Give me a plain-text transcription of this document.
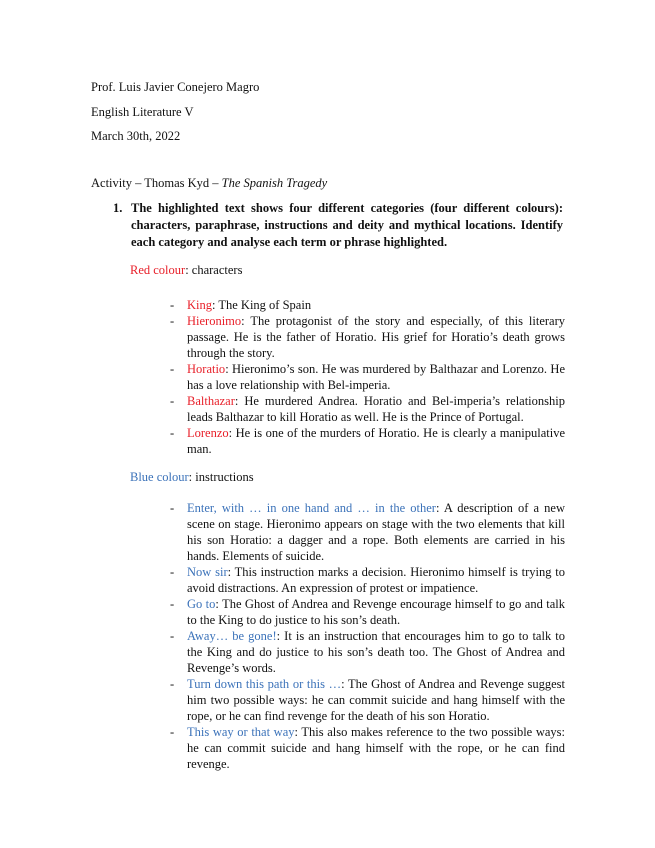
Prof. Luis Javier Conejero Magro
English Literature V
March 30th, 2022
Activity – Thomas Kyd – The Spanish Tragedy
1. The highlighted text shows four different categories (four different colours): characters, paraphrase, instructions and deity and mythical locations. Identify each category and analyse each term or phrase highlighted.
Red colour: characters
- King: The King of Spain
- Hieronimo: The protagonist of the story and especially, of this literary passage. He is the father of Horatio. His grief for Horatio’s death grows through the story.
- Horatio: Hieronimo’s son. He was murdered by Balthazar and Lorenzo. He has a love relationship with Bel-imperia.
- Balthazar: He murdered Andrea. Horatio and Bel-imperia’s relationship leads Balthazar to kill Horatio as well. He is the Prince of Portugal.
- Lorenzo: He is one of the murders of Horatio. He is clearly a manipulative man.
Blue colour: instructions
- Enter, with … in one hand and … in the other: A description of a new scene on stage. Hieronimo appears on stage with the two elements that kill his son Horatio: a dagger and a rope. Both elements are carried in his hands. Elements of suicide.
- Now sir: This instruction marks a decision. Hieronimo himself is trying to avoid distractions. An expression of protest or impatience.
- Go to: The Ghost of Andrea and Revenge encourage himself to go and talk to the King to do justice to his son’s death.
- Away… be gone!: It is an instruction that encourages him to go to talk to the King and do justice to his son’s death too. The Ghost of Andrea and Revenge’s words.
- Turn down this path or this …: The Ghost of Andrea and Revenge suggest him two possible ways: he can commit suicide and hang himself with the rope, or he can find revenge for the death of his son Horatio.
- This way or that way: This also makes reference to the two possible ways: he can commit suicide and hang himself with the rope, or he can find revenge.
